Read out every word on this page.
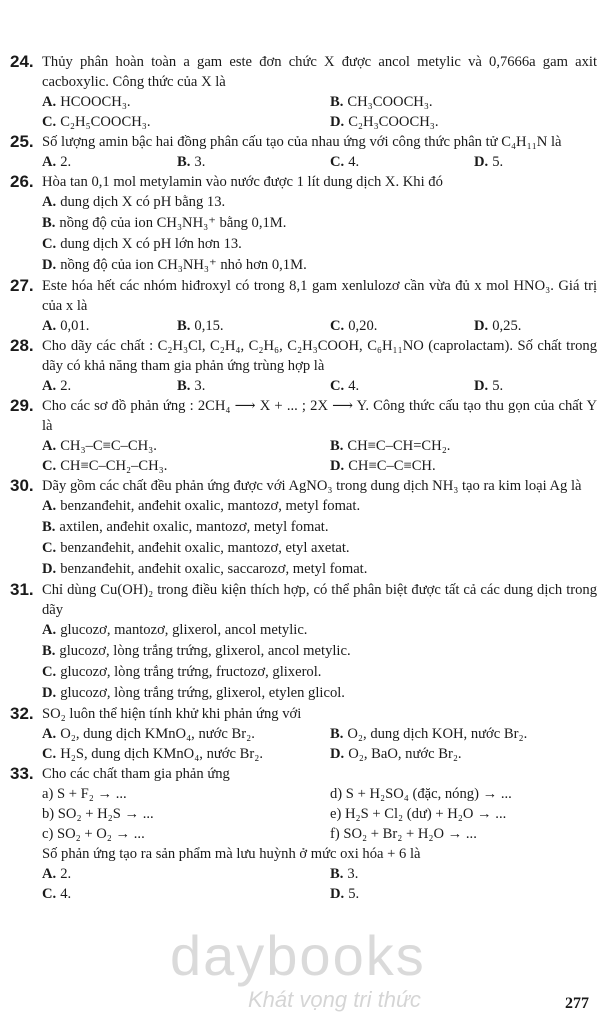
24. Thủy phân hoàn toàn a gam este đơn chức X được ancol metylic và 0,7666a gam axit cacboxylic. Công thức của X là
A. HCOOCH₃.	B. CH₃COOCH₃.
C. C₂H₅COOCH₃.	D. C₂H₃COOCH₃.
25. Số lượng amin bậc hai đồng phân cấu tạo của nhau ứng với công thức phân tử C₄H₁₁N là
A. 2.	B. 3.	C. 4.	D. 5.
26. Hòa tan 0,1 mol metylamin vào nước được 1 lít dung dịch X. Khi đó
A. dung dịch X có pH bằng 13.
B. nồng độ của ion CH₃NH₃⁺ bằng 0,1M.
C. dung dịch X có pH lớn hơn 13.
D. nồng độ của ion CH₃NH₃⁺ nhỏ hơn 0,1M.
27. Este hóa hết các nhóm hiđroxyl có trong 8,1 gam xenlulozơ cần vừa đủ x mol HNO₃. Giá trị của x là
A. 0,01.	B. 0,15.	C. 0,20.	D. 0,25.
28. Cho dãy các chất : C₂H₃Cl, C₂H₄, C₂H₆, C₂H₃COOH, C₆H₁₁NO (caprolactam). Số chất trong dãy có khả năng tham gia phản ứng trùng hợp là
A. 2.	B. 3.	C. 4.	D. 5.
29. Cho các sơ đồ phản ứng : 2CH₄ ⟶ X + ... ; 2X ⟶ Y. Công thức cấu tạo thu gọn của chất Y là
A. CH₃–C≡C–CH₃.	B. CH≡C–CH=CH₂.
C. CH≡C–CH₂–CH₃.	D. CH≡C–C≡CH.
30. Dãy gồm các chất đều phản ứng được với AgNO₃ trong dung dịch NH₃ tạo ra kim loại Ag là
A. benzanđehit, anđehit oxalic, mantozơ, metyl fomat.
B. axtilen, anđehit oxalic, mantozơ, metyl fomat.
C. benzanđehit, anđehit oxalic, mantozơ, etyl axetat.
D. benzanđehit, anđehit oxalic, saccarozơ, metyl fomat.
31. Chỉ dùng Cu(OH)₂ trong điều kiện thích hợp, có thể phân biệt được tất cả các dung dịch trong dãy
A. glucozơ, mantozơ, glixerol, ancol metylic.
B. glucozơ, lòng trắng trứng, glixerol, ancol metylic.
C. glucozơ, lòng trắng trứng, fructozơ, glixerol.
D. glucozơ, lòng trắng trứng, glixerol, etylen glicol.
32. SO₂ luôn thể hiện tính khử khi phản ứng với
A. O₂, dung dịch KMnO₄, nước Br₂.	B. O₂, dung dịch KOH, nước Br₂.
C. H₂S, dung dịch KMnO₄, nước Br₂.	D. O₂, BaO, nước Br₂.
33. Cho các chất tham gia phản ứng
a) S + F₂ → ...	d) S + H₂SO₄ (đặc, nóng) → ...
b) SO₂ + H₂S → ...	e) H₂S + Cl₂ (dư) + H₂O → ...
c) SO₂ + O₂ → ...	f) SO₂ + Br₂ + H₂O → ...
Số phản ứng tạo ra sản phẩm mà lưu huỳnh ở mức oxi hóa + 6 là
A. 2.	B. 3.
C. 4.	D. 5.
daybooks
Khát vọng tri thức	277
